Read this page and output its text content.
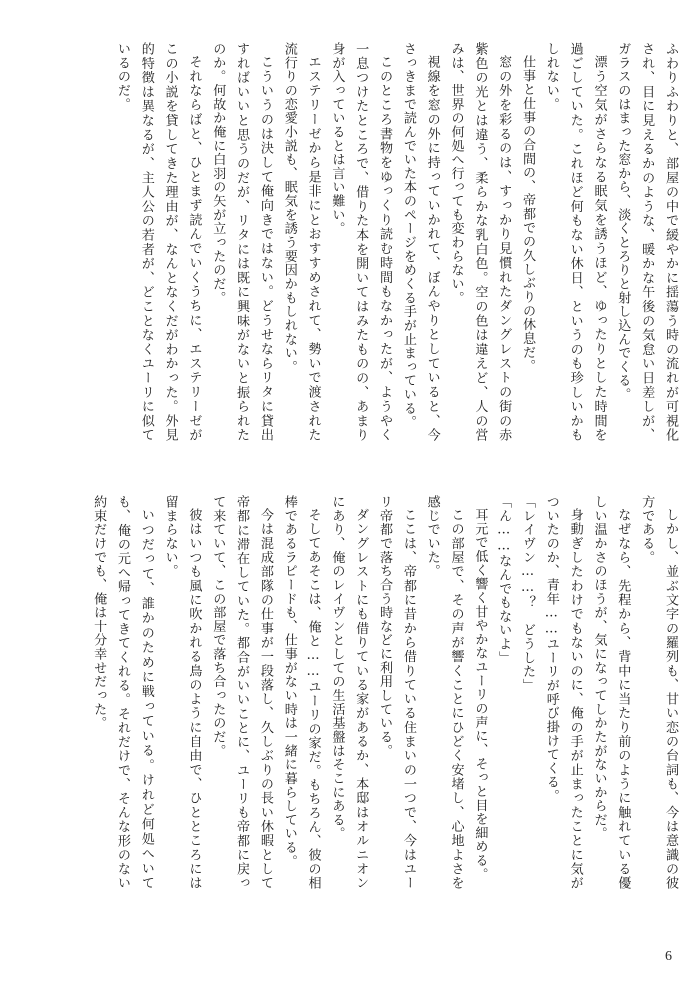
ふわりふわりと、部屋の中で緩やかに揺蕩う時の流れが可視化され、目に見えるかのような、暖かな午後の気怠い日差しが、ガラスのはまった窓から、淡くとろりと射し込んでくる。

漂う空気がさらなる眠気を誘うほど、ゆったりとした時間を過ごしていた。これほど何もない休日、というのも珍しいかもしれない。

仕事と仕事の合間の、帝都での久しぶりの休息だ。

窓の外を彩るのは、すっかり見慣れたダングレストの街の赤紫色の光とは違う、柔らかな乳白色。空の色は違えど、人の営みは、世界の何処へ行っても変わらない。

視線を窓の外に持っていかれて、ぼんやりとしていると、今さっきまで読んでいた本のページをめくる手が止まっている。

このところ書物をゆっくり読む時間もなかったが、ようやく一息つけたところで、借りた本を開いてはみたものの、あまり身が入っているとは言い難い。

エステリーゼから是非にとおすすめされて、勢いで渡された流行りの恋愛小説も、眠気を誘う要因かもしれない。

こういうのは決して俺向きではない。どうせならリタに貸出すればいいと思うのだが、リタには既に興味がないと振られたのか。何故か俺に白羽の矢が立ったのだ。

それならばと、ひとまず読んでいくうちに、エステリーゼがこの小説を貸してきた理由が、なんとなくだがわかった。外見的特徴は異なるが、主人公の若者が、どことなくユーリに似ているのだ。

しかし、並ぶ文字の羅列も、甘い恋の台詞も、今は意識の彼方である。

なぜなら、先程から、背中に当たり前のように触れている優しい温かさのほうが、気になってしかたがないからだ。

身動ぎしたわけでもないのに、俺の手が止まったことに気がついたのか、青年……ユーリが呼び掛けてくる。

「レイヴン……？　どうした」

「ん……なんでもないよ」

耳元で低く響く甘やかなユーリの声に、そっと目を細める。

この部屋で、その声が響くことにひどく安堵し、心地よさを感じでいた。

ここは、帝都に昔から借りている住まいの一つで、今はユーリ帝都で落ち合う時などに利用している。

ダングレストにも借りている家があるか、本邸はオルニオンにあり、俺のレイヴンとしての生活基盤はそこにある。

そしてあそこは、俺と……ユーリの家だ。もちろん、彼の相棒であるラピードも、仕事がない時は一緒に暮らしている。

今は混成部隊の仕事が一段落し、久しぶりの長い休暇として帝都に滞在していた。都合がいいことに、ユーリも帝都に戻って来ていて、この部屋で落ち合ったのだ。

彼はいつも風に吹かれる鳥のように自由で、ひとところには留まらない。

いつだって、誰かのために戦っている。けれど何処へいても、俺の元へ帰ってきてくれる。それだけで、そんな形のない約束だけでも、俺は十分幸せだった。

6
